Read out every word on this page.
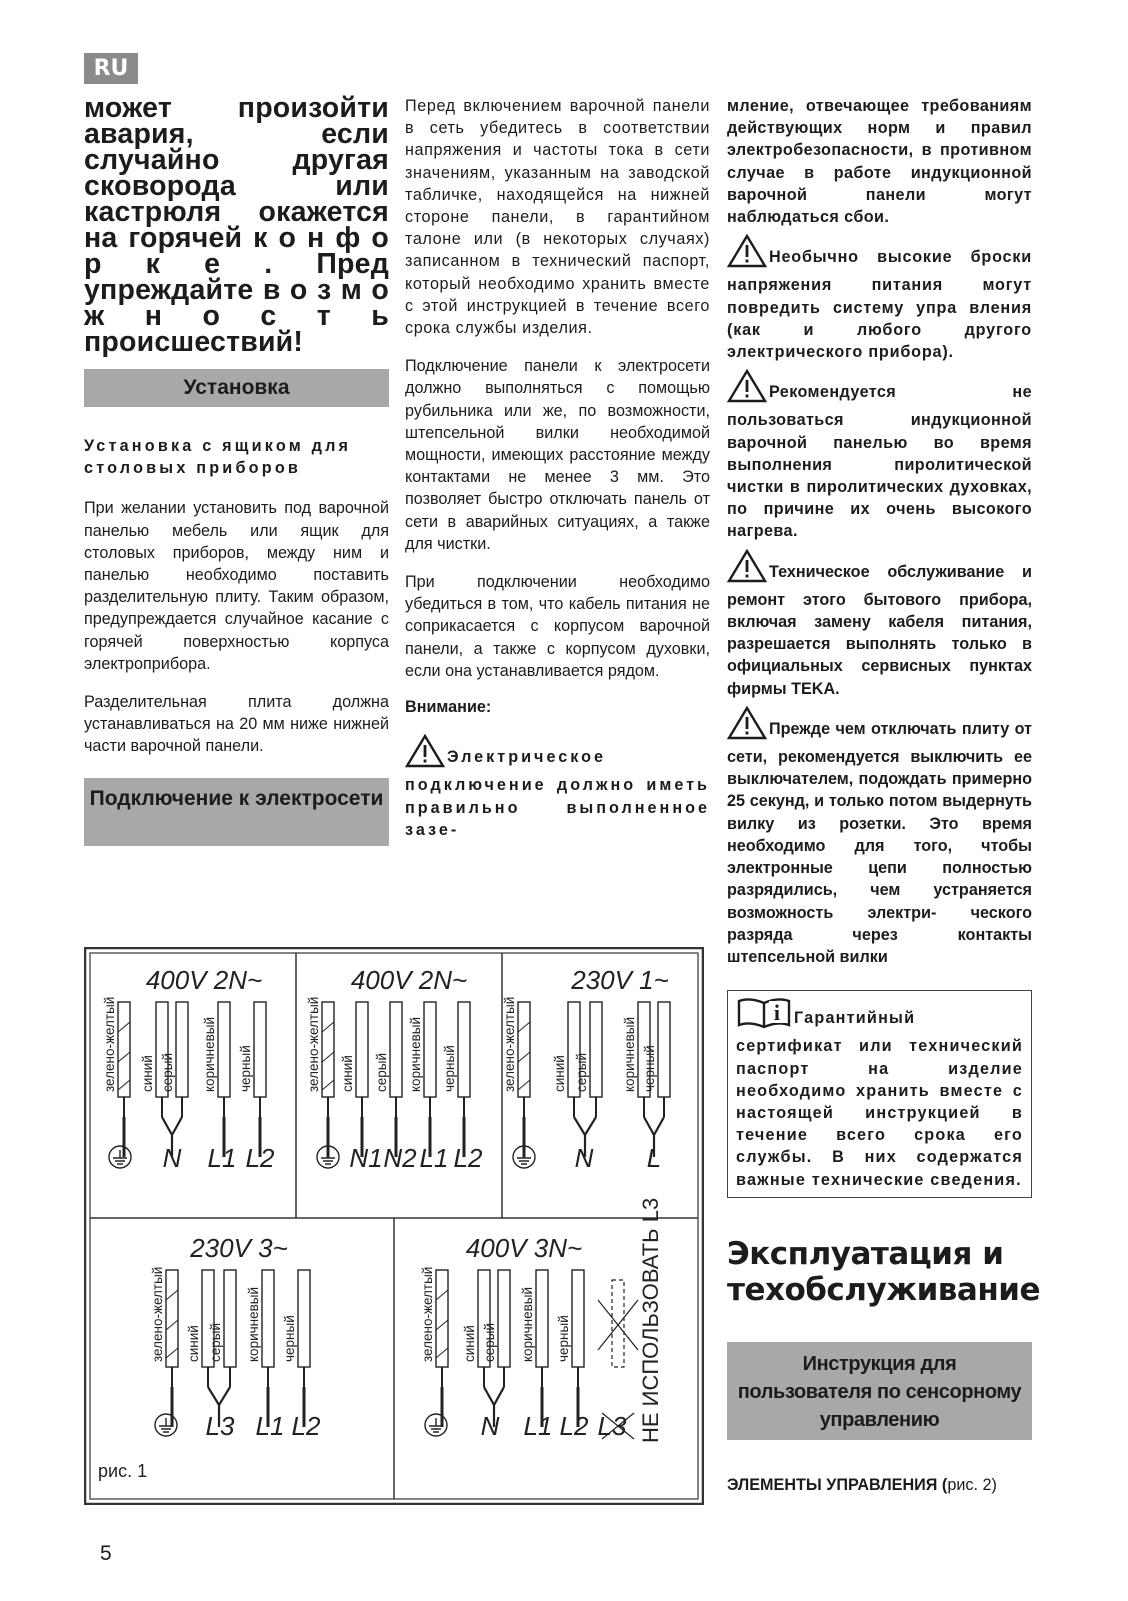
RU

может произойти авария, если случайно другая сковорода или кастрюля окажется на горячей к о н ф о р к е . Пред упреждайте в о з м о ж н о с т ь происшествий!

Установка

Установка с ящиком для столовых приборов

При желании установить под варочной панелью мебель или ящик для столовых приборов, между ним и панелью необходимо поставить разделительную плиту. Таким образом, предупреждается случайное касание с горячей поверхностью корпуса электроприбора.

Разделительная плита должна устанавливаться на 20 мм ниже нижней части варочной панели.

Подключение к электросети

Перед включением варочной панели в сеть убедитесь в соответствии напряжения и частоты тока в сети значениям, указанным на заводской табличке, находящейся на нижней стороне панели, в гарантийном талоне или (в некоторых случаях) записанном в технический паспорт, который необходимо хранить вместе с этой инструкцией в течение всего срока службы изделия.

Подключение панели к электросети должно выполняться с помощью рубильника или же, по возможности, штепсельной вилки необходимой мощности, имеющих расстояние между контактами не менее 3 мм. Это позволяет быстро отключать панель от сети в аварийных ситуациях, а также для чистки.

При подключении необходимо убедиться в том, что кабель питания не соприкасается с корпусом варочной панели, а также с корпусом духовки, если она устанавливается рядом.

Внимание:

Электрическое подключение должно иметь правильно выполненное зазе-

мление, отвечающее требованиям действующих норм и правил электробезопасности, в противном случае в работе индукционной варочной панели могут наблюдаться сбои.

Необычно высокие броски напряжения питания могут повредить систему упра вления (как и любого другого электрического прибора).

Рекомендуется не пользоваться индукционной варочной панелью во время выполнения пиролитической чистки в пиролитических духовках, по причине их очень высокого нагрева.

Техническое обслуживание и ремонт этого бытового прибора, включая замену кабеля питания, разрешается выполнять только в официальных сервисных пунктах фирмы TEKA.

Прежде чем отключать плиту от сети, рекомендуется выключить ее выключателем, подождать примерно 25 секунд, и только потом выдернуть вилку из розетки. Это время необходимо для того, чтобы электронные цепи полностью разрядились, чем устраняется возможность электри- ческого разряда через контакты штепсельной вилки

i Гарантийный сертификат или технический паспорт на изделие необходимо хранить вместе с настоящей инструкцией в течение всего срока его службы. В них содержатся важные технические сведения.

Эксплуатация и техобслуживание
Инструкция для пользователя по сенсорному управлению

ЭЛЕМЕНТЫ УПРАВЛЕНИЯ (рис. 2)

400V 2N~
зелено-желтый синий серый коричневый черный
N L1 L2
400V 2N~
зелено-желтый синий серый коричневый черный
N1 N2 L1 L2
230V 1~
зелено-желтый	синий серый коричневый черный
N L
230V 3~
зелено-желтый синий серый коричневый черный
L3 L1 L2
400V 3N~
зелено-желтый синий серый коричневый черный
N L1 L2 L3 НЕ ИСПОЛЬЗОВАТЬ L3
рис. 1
5
